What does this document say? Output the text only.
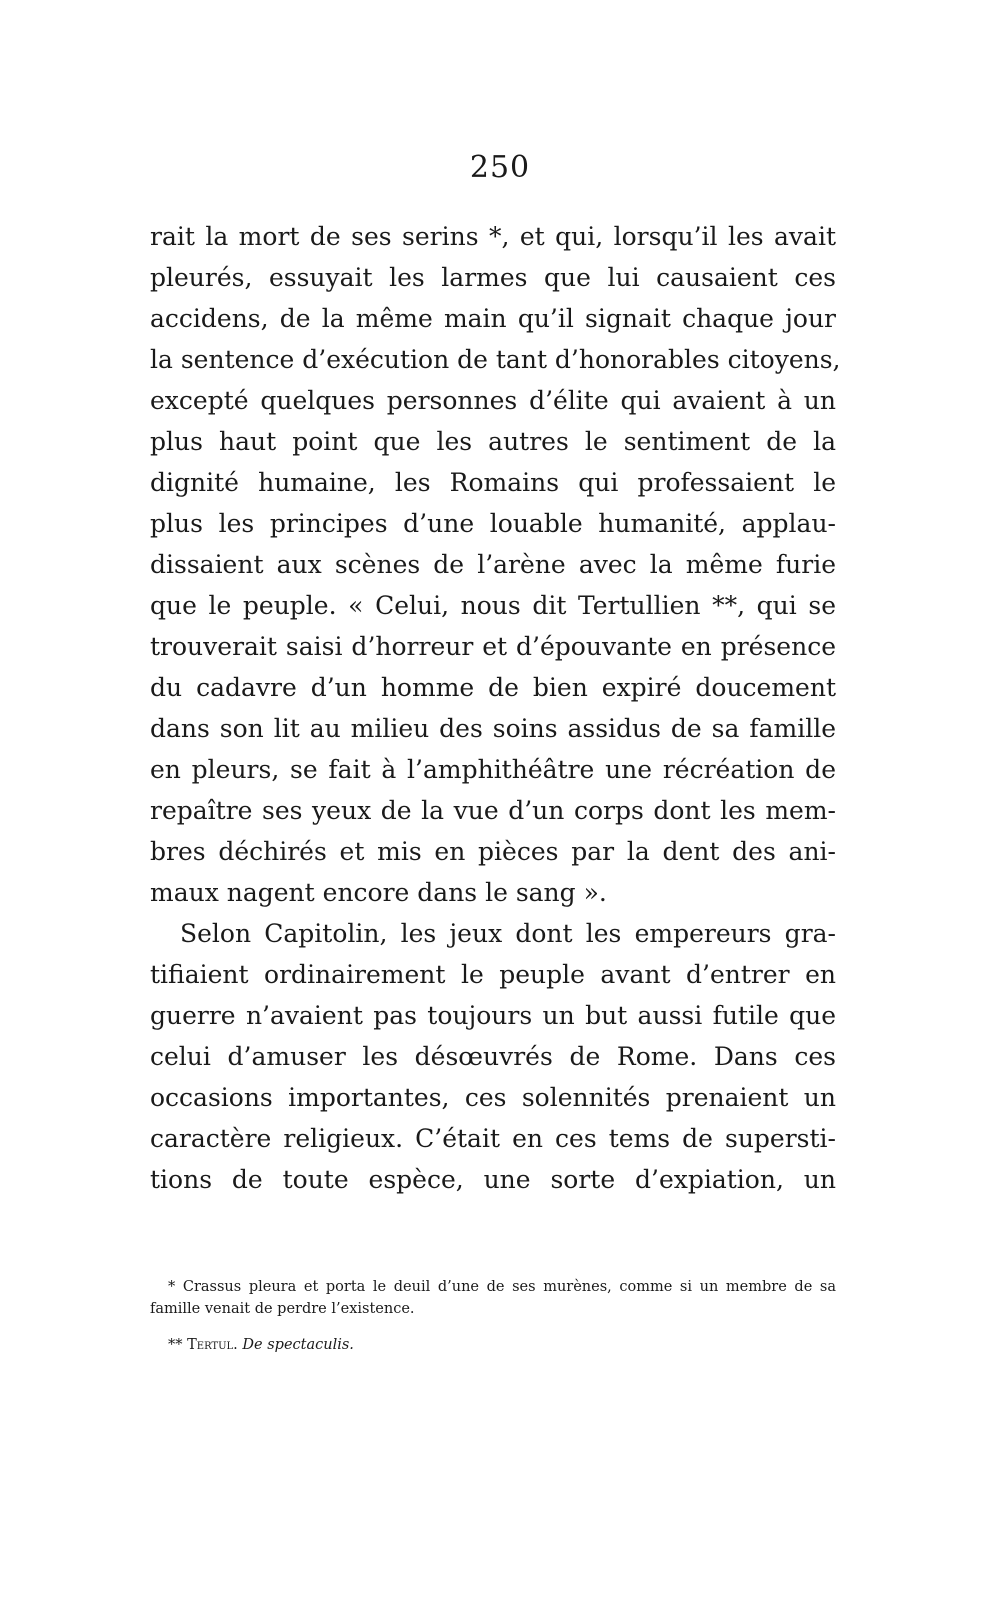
250
rait la mort de ses serins *, et qui, lorsqu’il les avait
pleurés, essuyait les larmes que lui causaient ces
accidens, de la même main qu’il signait chaque jour
la sentence d’exécution de tant d’honorables citoyens,
excepté quelques personnes d’élite qui avaient à un
plus haut point que les autres le sentiment de la
dignité humaine, les Romains qui professaient le
plus les principes d’une louable humanité, applau-
dissaient aux scènes de l’arène avec la même furie
que le peuple. « Celui, nous dit Tertullien **, qui se
trouverait saisi d’horreur et d’épouvante en présence
du cadavre d’un homme de bien expiré doucement
dans son lit au milieu des soins assidus de sa famille
en pleurs, se fait à l’amphithéâtre une récréation de
repaître ses yeux de la vue d’un corps dont les mem-
bres déchirés et mis en pièces par la dent des ani-
maux nagent encore dans le sang ».
Selon Capitolin, les jeux dont les empereurs gra-
tifiaient ordinairement le peuple avant d’entrer en
guerre n’avaient pas toujours un but aussi futile que
celui d’amuser les désœuvrés de Rome. Dans ces
occasions importantes, ces solennités prenaient un
caractère religieux. C’était en ces tems de supersti-
tions de toute espèce, une sorte d’expiation, un
* Crassus pleura et porta le deuil d’une de ses murènes, comme si un membre de sa
famille venait de perdre l’existence.
** Tertul. De spectaculis.
